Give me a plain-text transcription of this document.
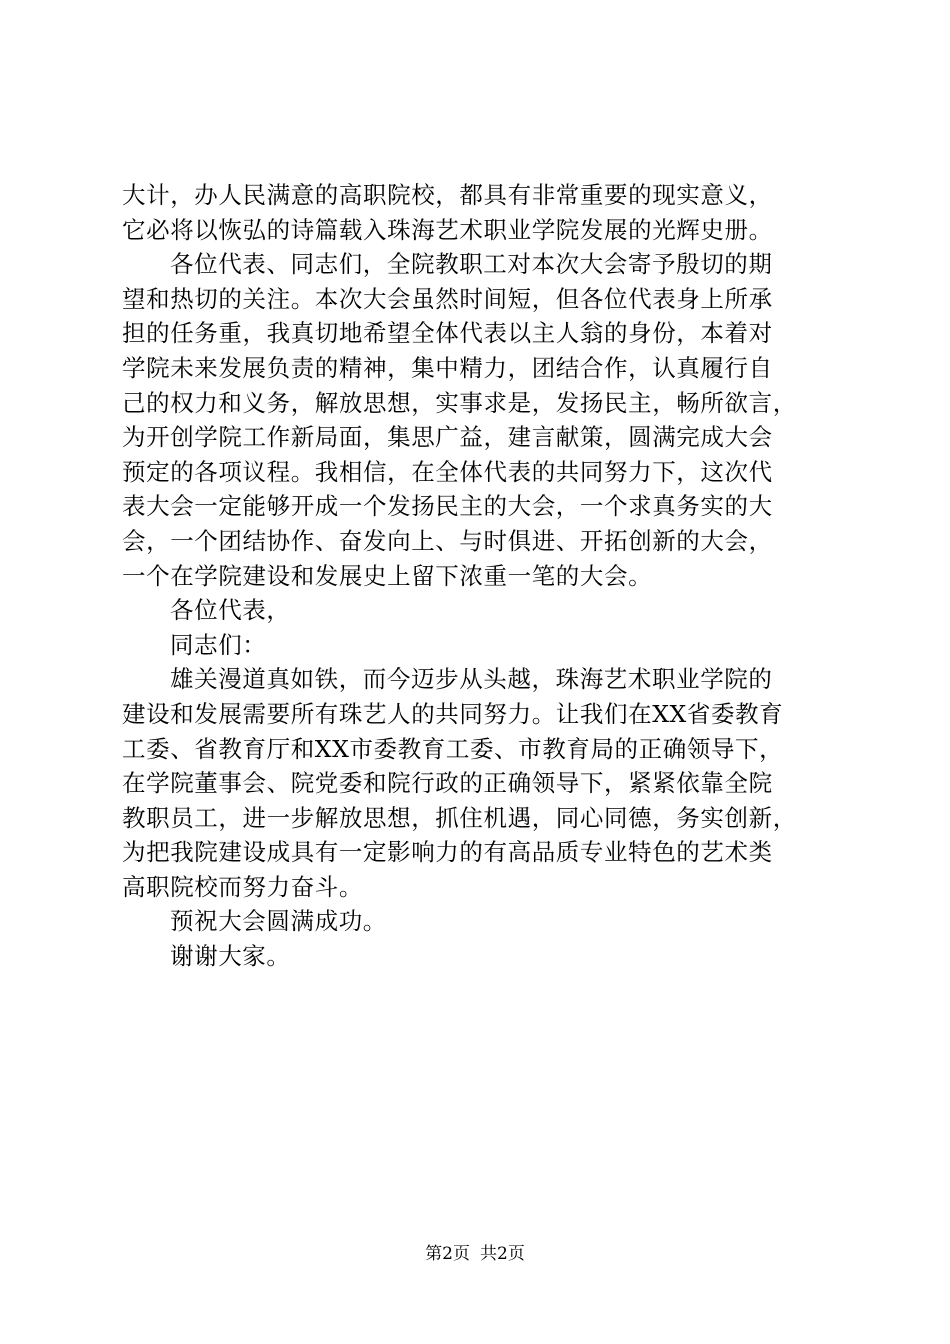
大计，办人民满意的高职院校，都具有非常重要的现实意义，
它必将以恢弘的诗篇载入珠海艺术职业学院发展的光辉史册。
各位代表、同志们，全院教职工对本次大会寄予殷切的期
望和热切的关注。本次大会虽然时间短，但各位代表身上所承
担的任务重，我真切地希望全体代表以主人翁的身份，本着对
学院未来发展负责的精神，集中精力，团结合作，认真履行自
己的权力和义务，解放思想，实事求是，发扬民主，畅所欲言，
为开创学院工作新局面，集思广益，建言献策，圆满完成大会
预定的各项议程。我相信，在全体代表的共同努力下，这次代
表大会一定能够开成一个发扬民主的大会，一个求真务实的大
会，一个团结协作、奋发向上、与时俱进、开拓创新的大会，
一个在学院建设和发展史上留下浓重一笔的大会。
各位代表，
同志们：
雄关漫道真如铁，而今迈步从头越，珠海艺术职业学院的
建设和发展需要所有珠艺人的共同努力。让我们在XX省委教育
工委、省教育厅和XX市委教育工委、市教育局的正确领导下，
在学院董事会、院党委和院行政的正确领导下，紧紧依靠全院
教职员工，进一步解放思想，抓住机遇，同心同德，务实创新，
为把我院建设成具有一定影响力的有高品质专业特色的艺术类
高职院校而努力奋斗。
预祝大会圆满成功。
谢谢大家。
第2页 共2页
